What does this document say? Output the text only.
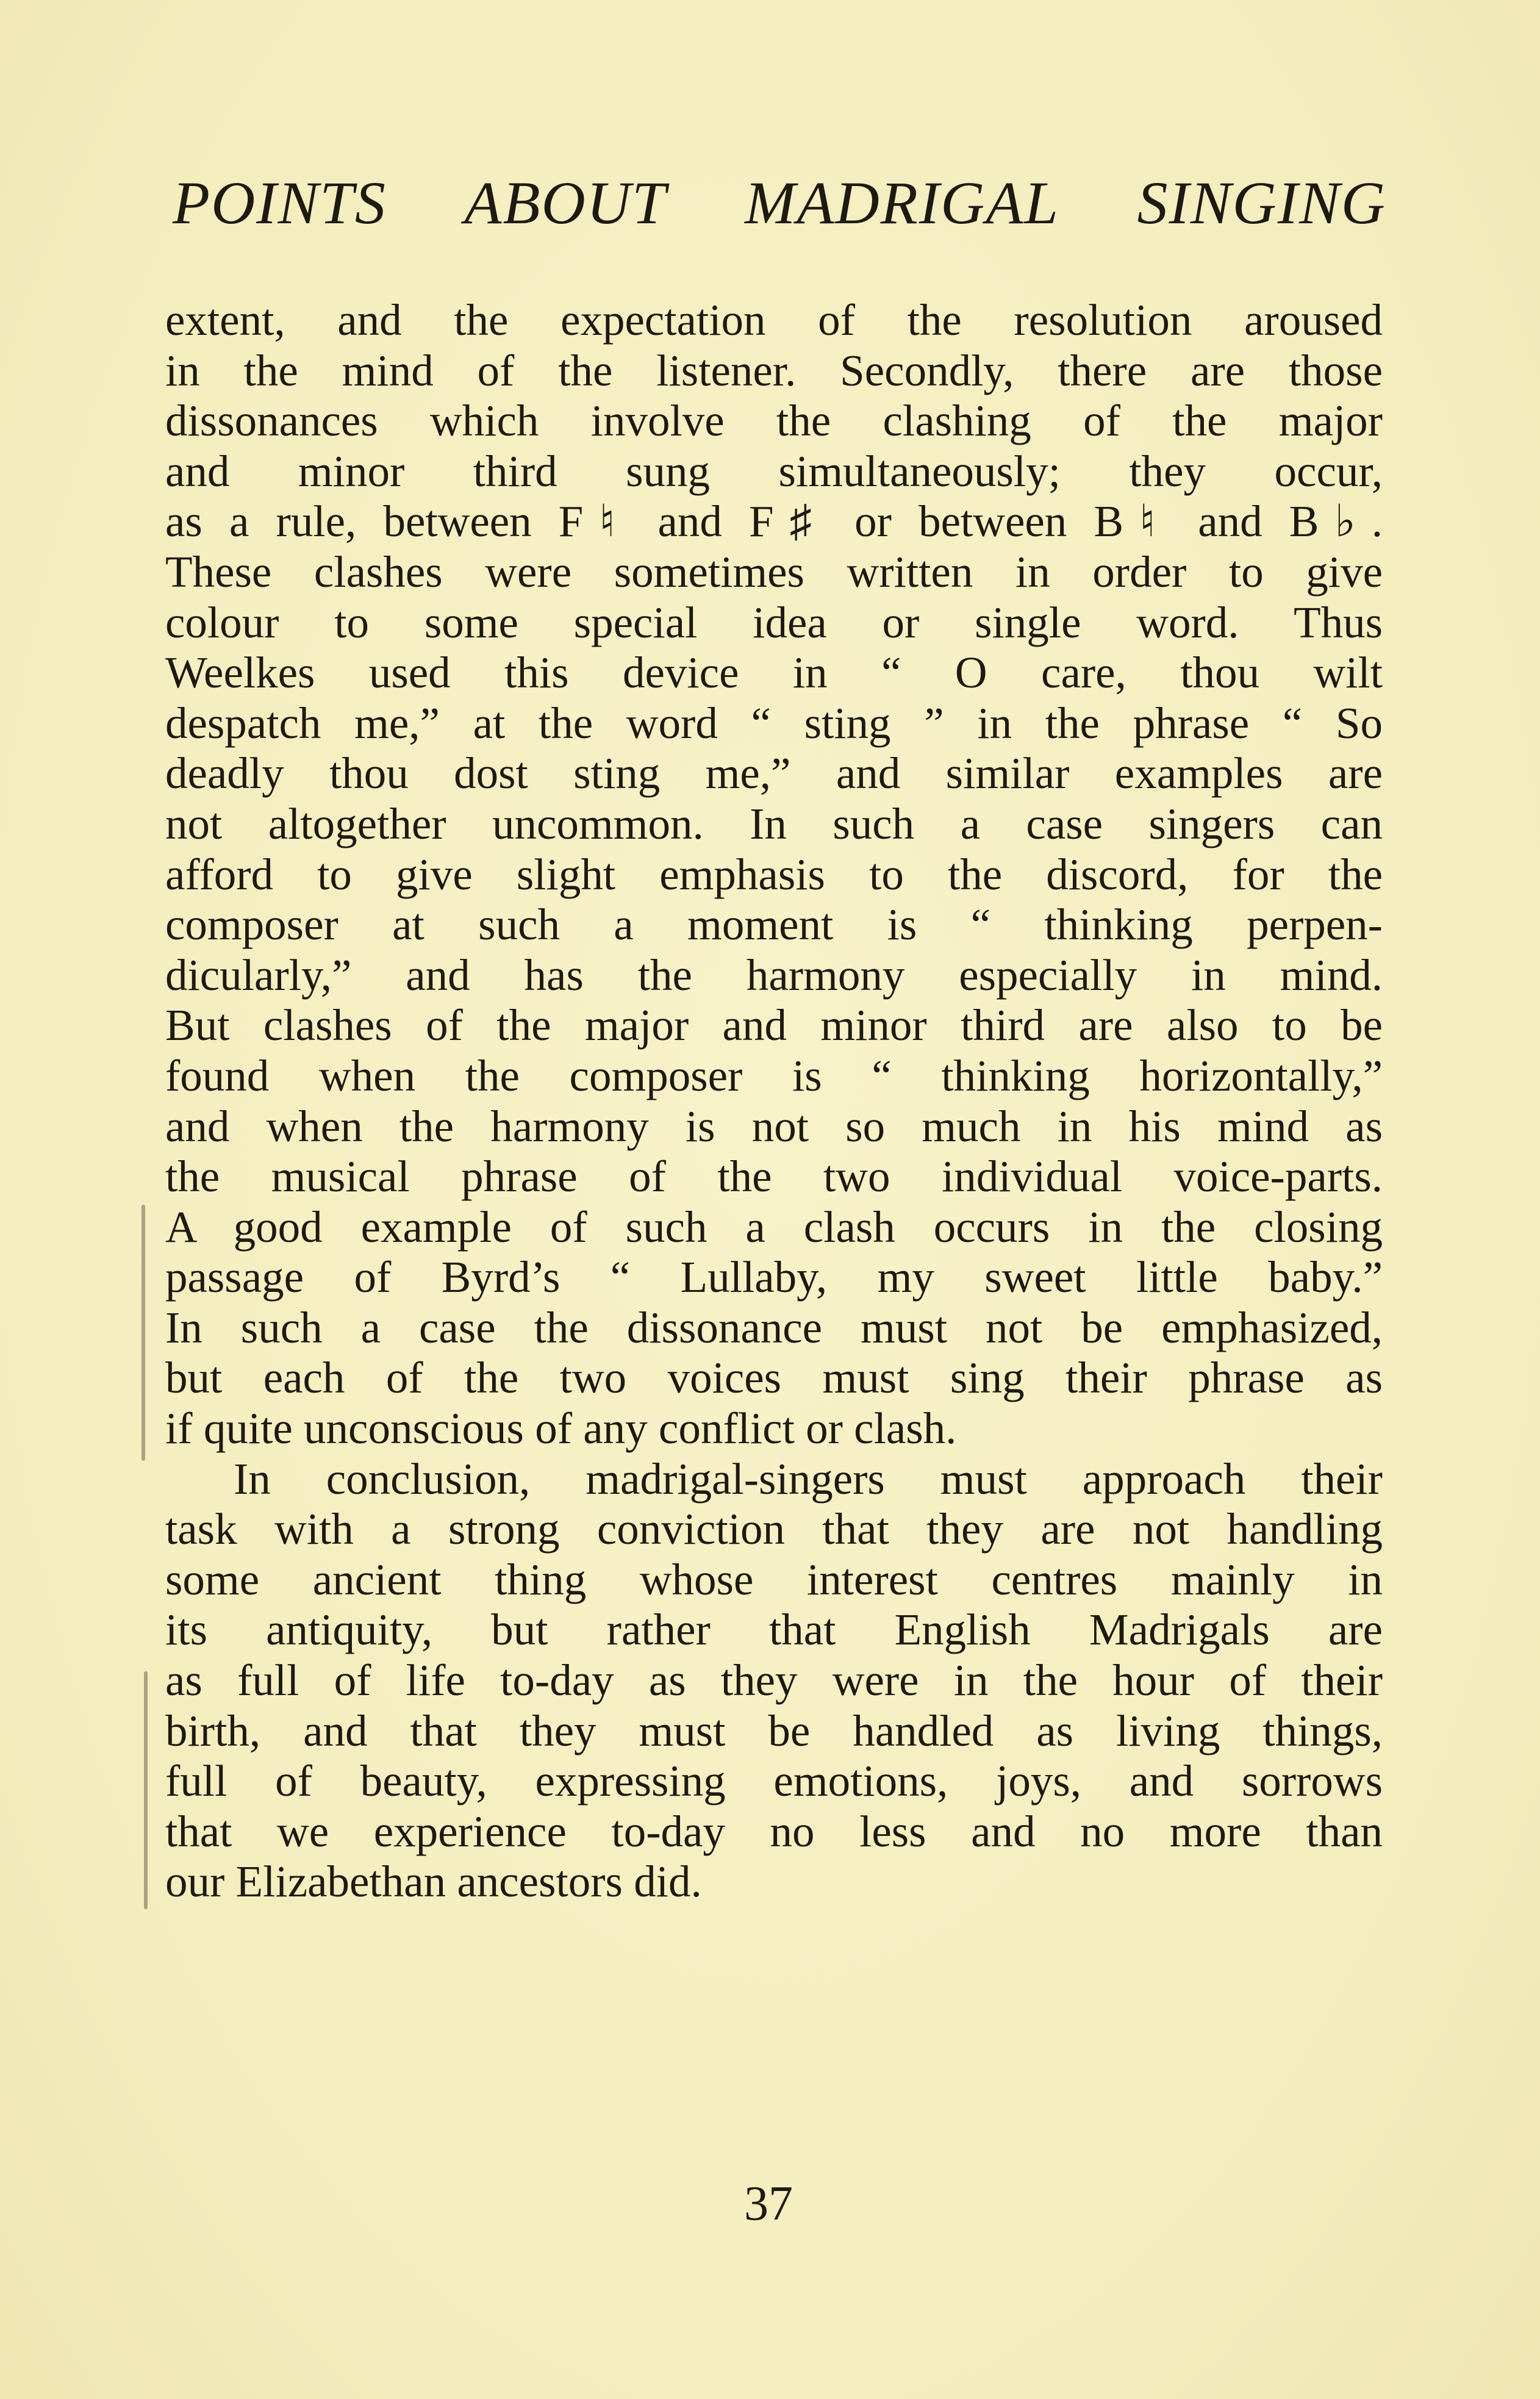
POINTS ABOUT MADRIGAL SINGING
extent, and the expectation of the resolution aroused
in the mind of the listener. Secondly, there are those
dissonances which involve the clashing of the major
and minor third sung simultaneously; they occur,
as a rule, between F♮ and F♯ or between B♮ and B♭.
These clashes were sometimes written in order to give
colour to some special idea or single word. Thus
Weelkes used this device in “ O care, thou wilt
despatch me,” at the word “ sting ” in the phrase “ So
deadly thou dost sting me,” and similar examples are
not altogether uncommon. In such a case singers can
afford to give slight emphasis to the discord, for the
composer at such a moment is “ thinking perpen-
dicularly,” and has the harmony especially in mind.
But clashes of the major and minor third are also to be
found when the composer is “ thinking horizontally,”
and when the harmony is not so much in his mind as
the musical phrase of the two individual voice-parts.
A good example of such a clash occurs in the closing
passage of Byrd’s “ Lullaby, my sweet little baby.”
In such a case the dissonance must not be emphasized,
but each of the two voices must sing their phrase as
if quite unconscious of any conflict or clash.
In conclusion, madrigal-singers must approach their
task with a strong conviction that they are not handling
some ancient thing whose interest centres mainly in
its antiquity, but rather that English Madrigals are
as full of life to-day as they were in the hour of their
birth, and that they must be handled as living things,
full of beauty, expressing emotions, joys, and sorrows
that we experience to-day no less and no more than
our Elizabethan ancestors did.
37
